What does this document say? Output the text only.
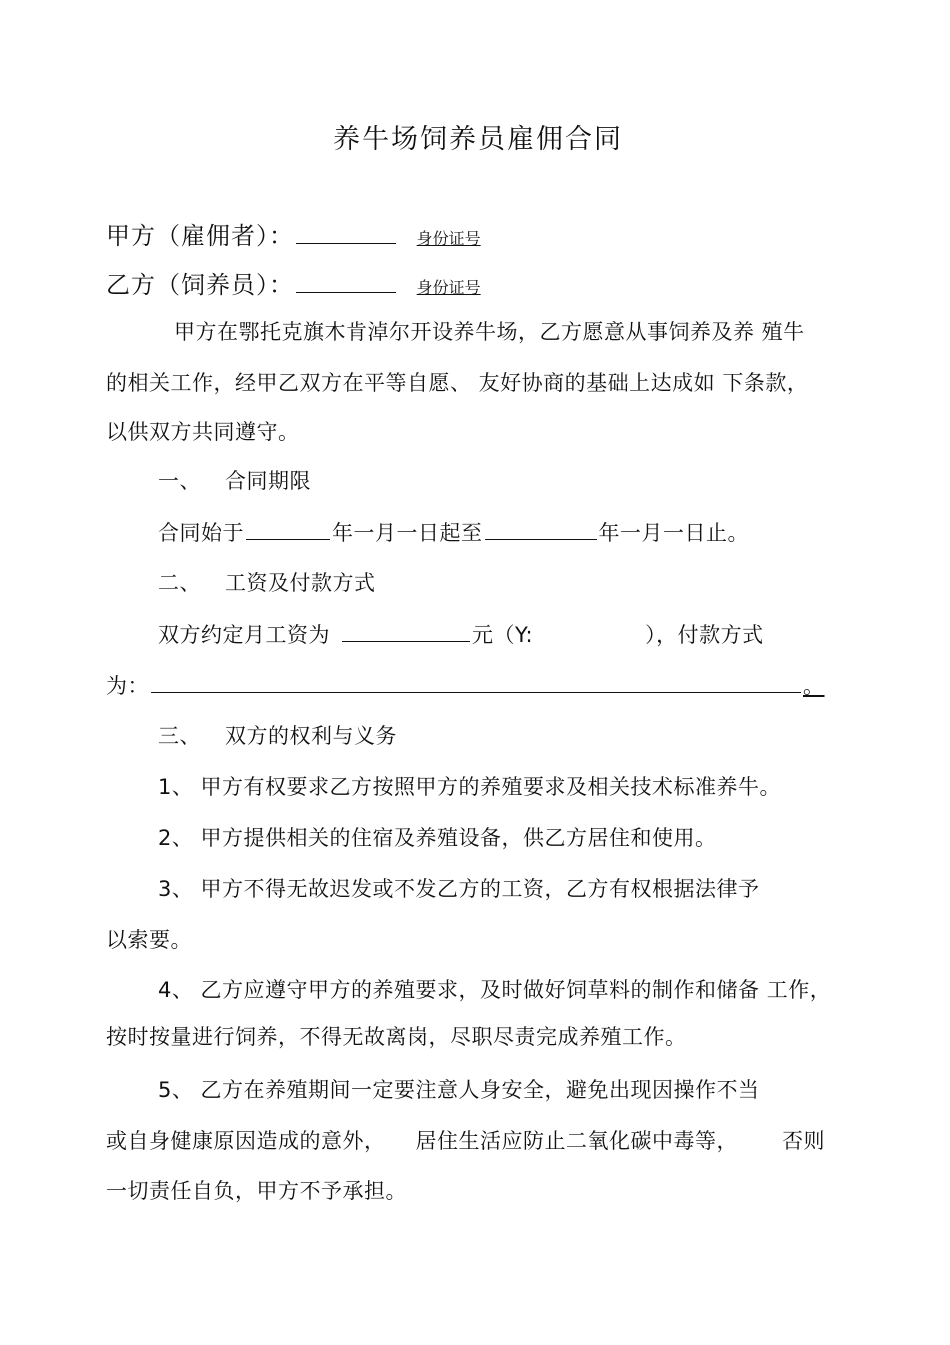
养牛场饲养员雇佣合同
甲方（雇佣者）：	身份证号
乙方（饲养员）：	身份证号
甲方在鄂托克旗木肯淖尔开设养牛场，乙方愿意从事饲养及养 殖牛
的相关工作，经甲乙双方在平等自愿、 友好协商的基础上达成如 下条款，
以供双方共同遵守。
一、 合同期限
合同始于	年一月一日起至	年一月一日止。
二、 工资及付款方式
双方约定月工资为	元（Y:	），付款方式
为：	。
三、 双方的权利与义务
1、 甲方有权要求乙方按照甲方的养殖要求及相关技术标准养牛。
2、 甲方提供相关的住宿及养殖设备，供乙方居住和使用。
3、 甲方不得无故迟发或不发乙方的工资，乙方有权根据法律予
以索要。
4、 乙方应遵守甲方的养殖要求，及时做好饲草料的制作和储备 工作，
按时按量进行饲养，不得无故离岗，尽职尽责完成养殖工作。
5、 乙方在养殖期间一定要注意人身安全，避免出现因操作不当
或自身健康原因造成的意外， 居住生活应防止二氧化碳中毒等， 否则
一切责任自负，甲方不予承担。
